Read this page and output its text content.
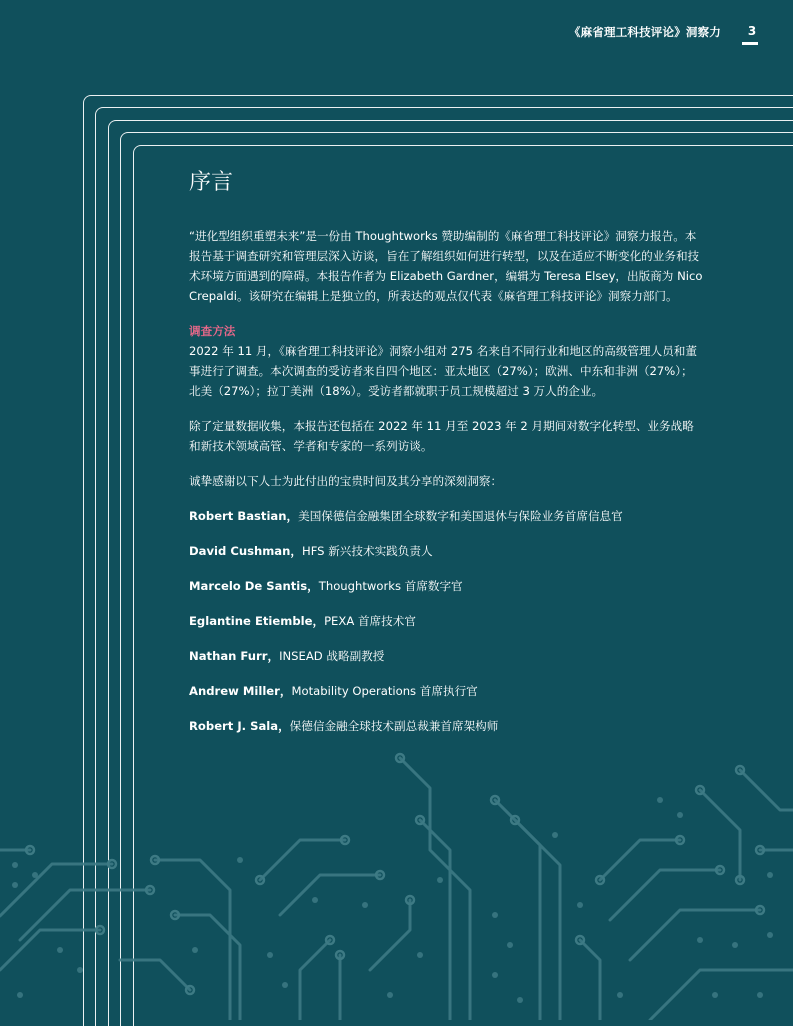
《麻省理工科技评论》洞察力 3
序言

“进化型组织重塑未来”是一份由 Thoughtworks 赞助编制的《麻省理工科技评论》洞察力报告。本报告基于调查研究和管理层深入访谈，旨在了解组织如何进行转型，以及在适应不断变化的业务和技术环境方面遇到的障碍。本报告作者为 Elizabeth Gardner，编辑为 Teresa Elsey，出版商为 Nico Crepaldi。该研究在编辑上是独立的，所表达的观点仅代表《麻省理工科技评论》洞察力部门。

调查方法

2022 年 11 月，《麻省理工科技评论》洞察小组对 275 名来自不同行业和地区的高级管理人员和董事进行了调查。本次调查的受访者来自四个地区：亚太地区（27%）；欧洲、中东和非洲（27%）；北美（27%）；拉丁美洲（18%）。受访者都就职于员工规模超过 3 万人的企业。

除了定量数据收集，本报告还包括在 2022 年 11 月至 2023 年 2 月期间对数字化转型、业务战略和新技术领域高管、学者和专家的一系列访谈。

诚挚感谢以下人士为此付出的宝贵时间及其分享的深刻洞察：

Robert Bastian，美国保德信金融集团全球数字和美国退休与保险业务首席信息官

David Cushman，HFS 新兴技术实践负责人

Marcelo De Santis，Thoughtworks 首席数字官

Eglantine Etiemble，PEXA 首席技术官

Nathan Furr，INSEAD 战略副教授

Andrew Miller，Motability Operations 首席执行官

Robert J. Sala，保德信金融全球技术副总裁兼首席架构师
